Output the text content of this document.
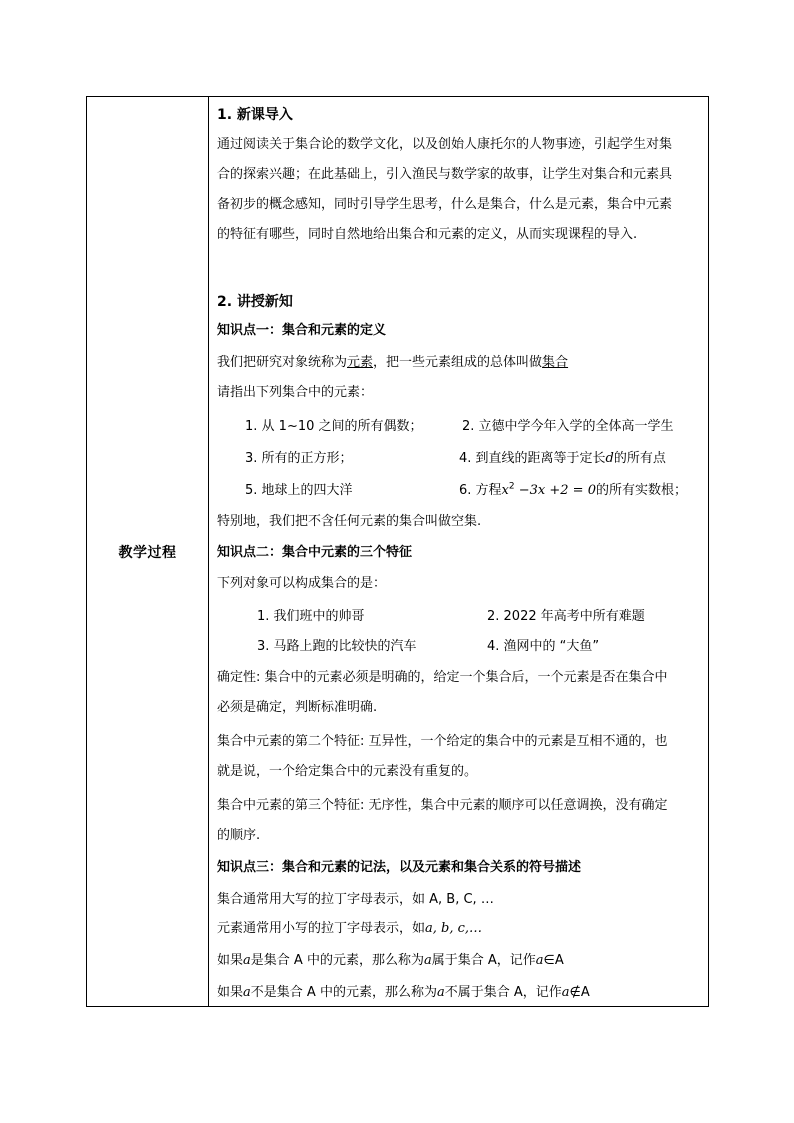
教学过程	
1. 新课导入
通过阅读关于集合论的数学文化，以及创始人康托尔的人物事迹，引起学生对集
合的探索兴趣；在此基础上，引入渔民与数学家的故事，让学生对集合和元素具
备初步的概念感知，同时引导学生思考，什么是集合，什么是元素，集合中元素
的特征有哪些，同时自然地给出集合和元素的定义，从而实现课程的导入.
2. 讲授新知
知识点一：集合和元素的定义
我们把研究对象统称为元素，把一些元素组成的总体叫做集合
请指出下列集合中的元素：
1. 从 1~10 之间的所有偶数；	2. 立德中学今年入学的全体高一学生
3. 所有的正方形；	4. 到直线的距离等于定长d的所有点
5. 地球上的四大洋	6. 方程$x^2 -3x +2 = 0$的所有实数根；
特别地，我们把不含任何元素的集合叫做空集.
知识点二：集合中元素的三个特征
下列对象可以构成集合的是：
1. 我们班中的帅哥	2. 2022 年高考中所有难题
3. 马路上跑的比较快的汽车	4. 渔网中的 “大鱼”
确定性: 集合中的元素必须是明确的，给定一个集合后，一个元素是否在集合中
必须是确定，判断标准明确.
集合中元素的第二个特征: 互异性，一个给定的集合中的元素是互相不通的，也
就是说，一个给定集合中的元素没有重复的。
集合中元素的第三个特征: 无序性，集合中元素的顺序可以任意调换，没有确定
的顺序.
知识点三：集合和元素的记法，以及元素和集合关系的符号描述
集合通常用大写的拉丁字母表示，如 A, B, C, …
元素通常用小写的拉丁字母表示，如a, b, c,…
如果a是集合 A 中的元素，那么称为a属于集合 A，记作a∈A
如果a不是集合 A 中的元素，那么称为a不属于集合 A，记作a∉A
